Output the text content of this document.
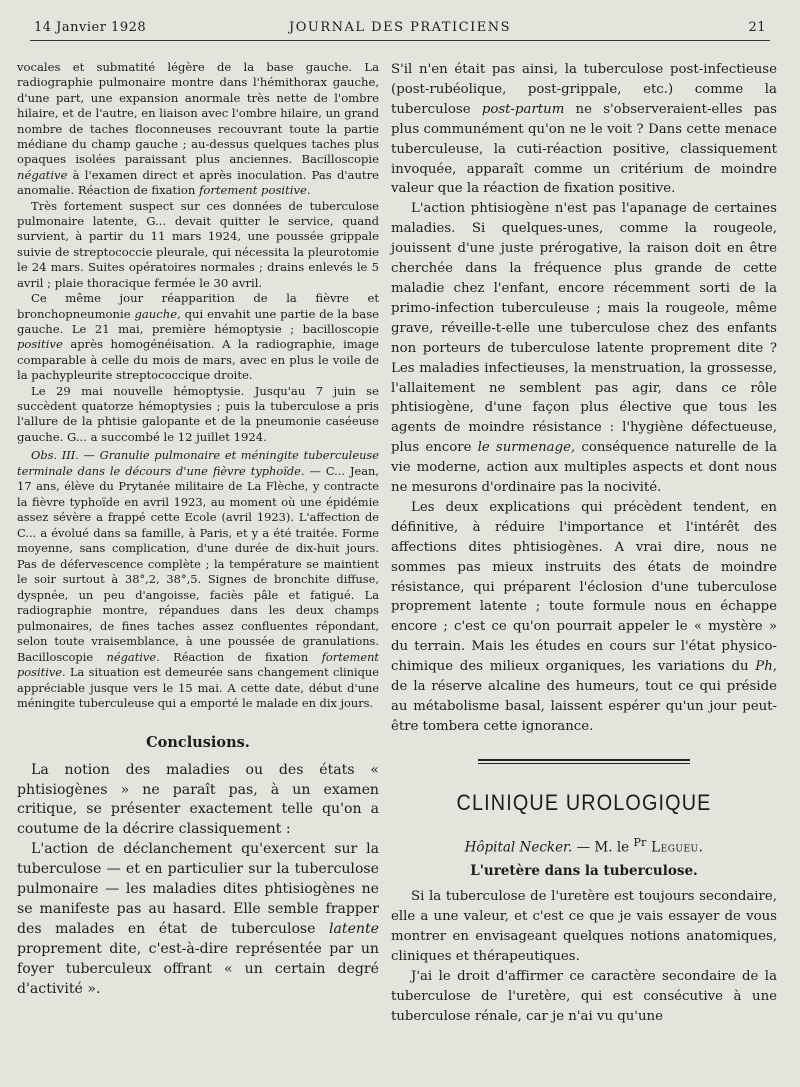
14 Janvier 1928	JOURNAL DES PRATICIENS	21

vocales et submatité légère de la base gauche. La radiographie pulmonaire montre dans l'hémithorax gauche, d'une part, une expansion anormale très nette de l'ombre hilaire, et de l'autre, en liaison avec l'ombre hilaire, un grand nombre de taches floconneuses recouvrant toute la partie médiane du champ gauche ; au-dessus quelques taches plus opaques isolées paraissant plus anciennes. Bacilloscopie négative à l'examen direct et après inoculation. Pas d'autre anomalie. Réaction de fixation fortement positive.

Très fortement suspect sur ces données de tuberculose pulmonaire latente, G... devait quitter le service, quand survient, à partir du 11 mars 1924, une poussée grippale suivie de streptococcie pleurale, qui nécessita la pleurotomie le 24 mars. Suites opératoires normales ; drains enlevés le 5 avril ; plaie thoracique fermée le 30 avril.

Ce même jour réapparition de la fièvre et bronchopneumonie gauche, qui envahit une partie de la base gauche. Le 21 mai, première hémoptysie ; bacilloscopie positive après homogénéisation. A la radiographie, image comparable à celle du mois de mars, avec en plus le voile de la pachypleurite streptococcique droite.

Le 29 mai nouvelle hémoptysie. Jusqu'au 7 juin se succèdent quatorze hémoptysies ; puis la tuberculose a pris l'allure de la phtisie galopante et de la pneumonie caséeuse gauche. G... a succombé le 12 juillet 1924.

Obs. III. — Granulie pulmonaire et méningite tuberculeuse terminale dans le décours d'une fièvre typhoïde. — C... Jean, 17 ans, élève du Prytanée militaire de La Flèche, y contracte la fièvre typhoïde en avril 1923, au moment où une épidémie assez sévère a frappé cette Ecole (avril 1923). L'affection de C... a évolué dans sa famille, à Paris, et y a été traitée. Forme moyenne, sans complication, d'une durée de dix-huit jours. Pas de défervescence complète ; la température se maintient le soir surtout à 38°,2, 38°,5. Signes de bronchite diffuse, dyspnée, un peu d'angoisse, faciès pâle et fatigué. La radiographie montre, répandues dans les deux champs pulmonaires, de fines taches assez confluentes répondant, selon toute vraisemblance, à une poussée de granulations. Bacilloscopie négative. Réaction de fixation fortement positive. La situation est demeurée sans changement clinique appréciable jusque vers le 15 mai. A cette date, début d'une méningite tuberculeuse qui a emporté le malade en dix jours.

Conclusions.

La notion des maladies ou des états « phtisiogènes » ne paraît pas, à un examen critique, se présenter exactement telle qu'on a coutume de la décrire classiquement :

L'action de déclanchement qu'exercent sur la tuberculose — et en particulier sur la tuberculose pulmonaire — les maladies dites phtisiogènes ne se manifeste pas au hasard. Elle semble frapper des malades en état de tuberculose latente proprement dite, c'est-à-dire représentée par un foyer tuberculeux offrant « un certain degré d'activité ».

S'il n'en était pas ainsi, la tuberculose post-infectieuse (post-rubéolique, post-grippale, etc.) comme la tuberculose post-partum ne s'observeraient-elles pas plus communément qu'on ne le voit ? Dans cette menace tuberculeuse, la cuti-réaction positive, classiquement invoquée, apparaît comme un critérium de moindre valeur que la réaction de fixation positive.

L'action phtisiogène n'est pas l'apanage de certaines maladies. Si quelques-unes, comme la rougeole, jouissent d'une juste prérogative, la raison doit en être cherchée dans la fréquence plus grande de cette maladie chez l'enfant, encore récemment sorti de la primo-infection tuberculeuse ; mais la rougeole, même grave, réveille-t-elle une tuberculose chez des enfants non porteurs de tuberculose latente proprement dite ? Les maladies infectieuses, la menstruation, la grossesse, l'allaitement ne semblent pas agir, dans ce rôle phtisiogène, d'une façon plus élective que tous les agents de moindre résistance : l'hygiène défectueuse, plus encore le surmenage, conséquence naturelle de la vie moderne, action aux multiples aspects et dont nous ne mesurons d'ordinaire pas la nocivité.

Les deux explications qui précèdent tendent, en définitive, à réduire l'importance et l'intérêt des affections dites phtisiogènes. A vrai dire, nous ne sommes pas mieux instruits des états de moindre résistance, qui préparent l'éclosion d'une tuberculose proprement latente ; toute formule nous en échappe encore ; c'est ce qu'on pourrait appeler le « mystère » du terrain. Mais les études en cours sur l'état physico-chimique des milieux organiques, les variations du Ph, de la réserve alcaline des humeurs, tout ce qui préside au métabolisme basal, laissent espérer qu'un jour peut-être tombera cette ignorance.

CLINIQUE UROLOGIQUE
Hôpital Necker. — M. le $^{Pr}$ Legueu.
L'uretère dans la tuberculose.

Si la tuberculose de l'uretère est toujours secondaire, elle a une valeur, et c'est ce que je vais essayer de vous montrer en envisageant quelques notions anatomiques, cliniques et thérapeutiques.

J'ai le droit d'affirmer ce caractère secondaire de la tuberculose de l'uretère, qui est consécutive à une tuberculose rénale, car je n'ai vu qu'une
